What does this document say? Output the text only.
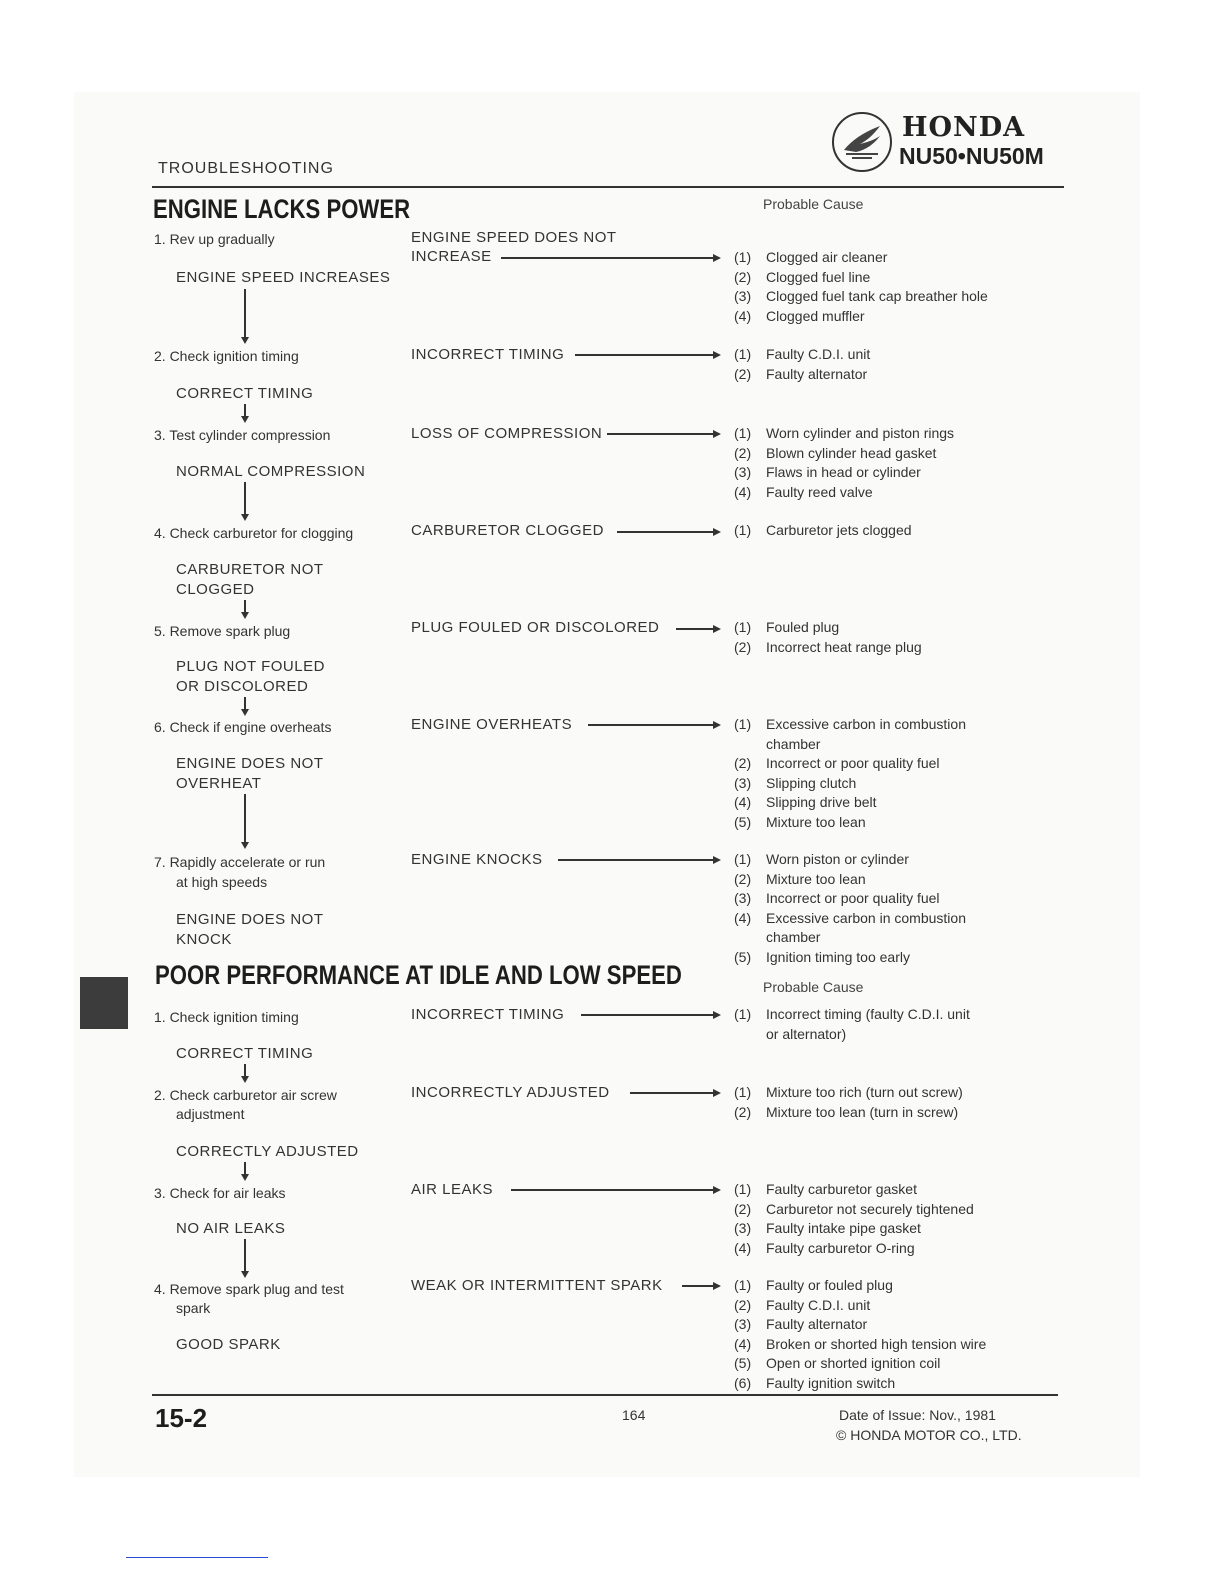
TROUBLESHOOTING
HONDA
NU50•NU50M
ENGINE LACKS POWER	Probable Cause
1. Rev up gradually	ENGINE SPEED DOES NOT
INCREASE
ENGINE SPEED INCREASES
2. Check ignition timing	INCORRECT TIMING
CORRECT TIMING
3. Test cylinder compression	LOSS OF COMPRESSION
NORMAL COMPRESSION
4. Check carburetor for clogging	CARBURETOR CLOGGED
CARBURETOR NOT
CLOGGED
5. Remove spark plug	PLUG FOULED OR DISCOLORED
PLUG NOT FOULED
OR DISCOLORED
6. Check if engine overheats	ENGINE OVERHEATS
ENGINE DOES NOT
OVERHEAT
7. Rapidly accelerate or run
at high speeds
ENGINE KNOCKS
ENGINE DOES NOT
KNOCK
POOR PERFORMANCE AT IDLE AND LOW SPEED	Probable Cause
1. Check ignition timing	INCORRECT TIMING
CORRECT TIMING
2. Check carburetor air screw
adjustment
INCORRECTLY ADJUSTED
CORRECTLY ADJUSTED
3. Check for air leaks	AIR LEAKS
NO AIR LEAKS
4. Remove spark plug and test
spark
WEAK OR INTERMITTENT SPARK
GOOD SPARK
15-2	164	Date of Issue: Nov., 1981
© HONDA MOTOR CO., LTD.
(1) Clogged air cleaner
(2) Clogged fuel line
(3) Clogged fuel tank cap breather hole
(4) Clogged muffler
(1) Faulty C.D.I. unit
(2) Faulty alternator
(1) Worn cylinder and piston rings
(2) Blown cylinder head gasket
(3) Flaws in head or cylinder
(4) Faulty reed valve
(1) Carburetor jets clogged
(1) Fouled plug
(2) Incorrect heat range plug
(1) Excessive carbon in combustion
chamber
(2) Incorrect or poor quality fuel
(3) Slipping clutch
(4) Slipping drive belt
(5) Mixture too lean
(1) Worn piston or cylinder
(2) Mixture too lean
(3) Incorrect or poor quality fuel
(4) Excessive carbon in combustion
chamber
(5) Ignition timing too early
(1) Incorrect timing (faulty C.D.I. unit
or alternator)
(1) Mixture too rich (turn out screw)
(2) Mixture too lean (turn in screw)
(1) Faulty carburetor gasket
(2) Carburetor not securely tightened
(3) Faulty intake pipe gasket
(4) Faulty carburetor O-ring
(1) Faulty or fouled plug
(2) Faulty C.D.I. unit
(3) Faulty alternator
(4) Broken or shorted high tension wire
(5) Open or shorted ignition coil
(6) Faulty ignition switch
